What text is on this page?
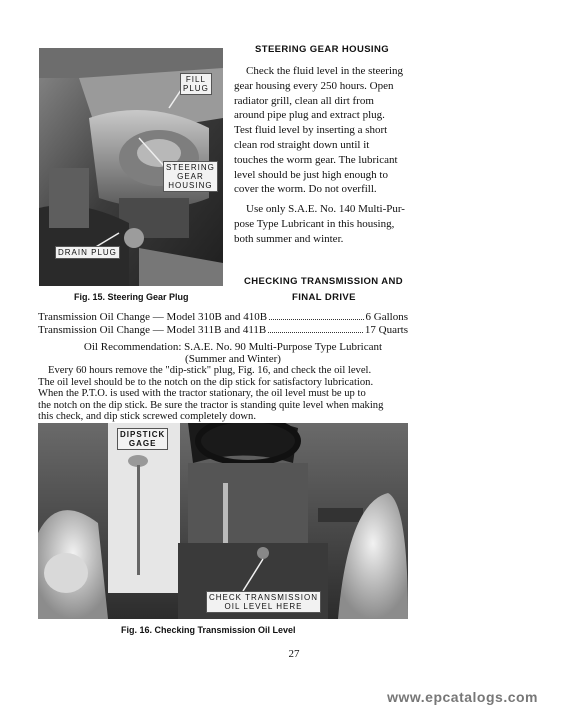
FILL
PLUG
STEERING
GEAR
HOUSING
DRAIN PLUG
Fig. 15. Steering Gear Plug
STEERING GEAR HOUSING
Check the fluid level in the steering
gear housing every 250 hours. Open
radiator grill, clean all dirt from
around pipe plug and extract plug.
Test fluid level by inserting a short
clean rod straight down until it
touches the worm gear. The lubricant
level should be just high enough to
cover the worm. Do not overfill.
Use only S.A.E. No. 140 Multi-Pur-
pose Type Lubricant in this housing,
both summer and winter.
CHECKING TRANSMISSION AND
FINAL DRIVE
Transmission Oil Change — Model 310B and 410B	6 Gallons
Transmission Oil Change — Model 311B and 411B	17 Quarts
Oil Recommendation: S.A.E. No. 90 Multi-Purpose Type Lubricant
(Summer and Winter)
Every 60 hours remove the "dip-stick" plug, Fig. 16, and check the oil level.
The oil level should be to the notch on the dip stick for satisfactory lubrication.
When the P.T.O. is used with the tractor stationary, the oil level must be up to
the notch on the dip stick. Be sure the tractor is standing quite level when making
this check, and dip stick screwed completely down.
DIPSTICK
GAGE
CHECK TRANSMISSION
OIL LEVEL HERE
Fig. 16. Checking Transmission Oil Level
27
www.epcatalogs.com
